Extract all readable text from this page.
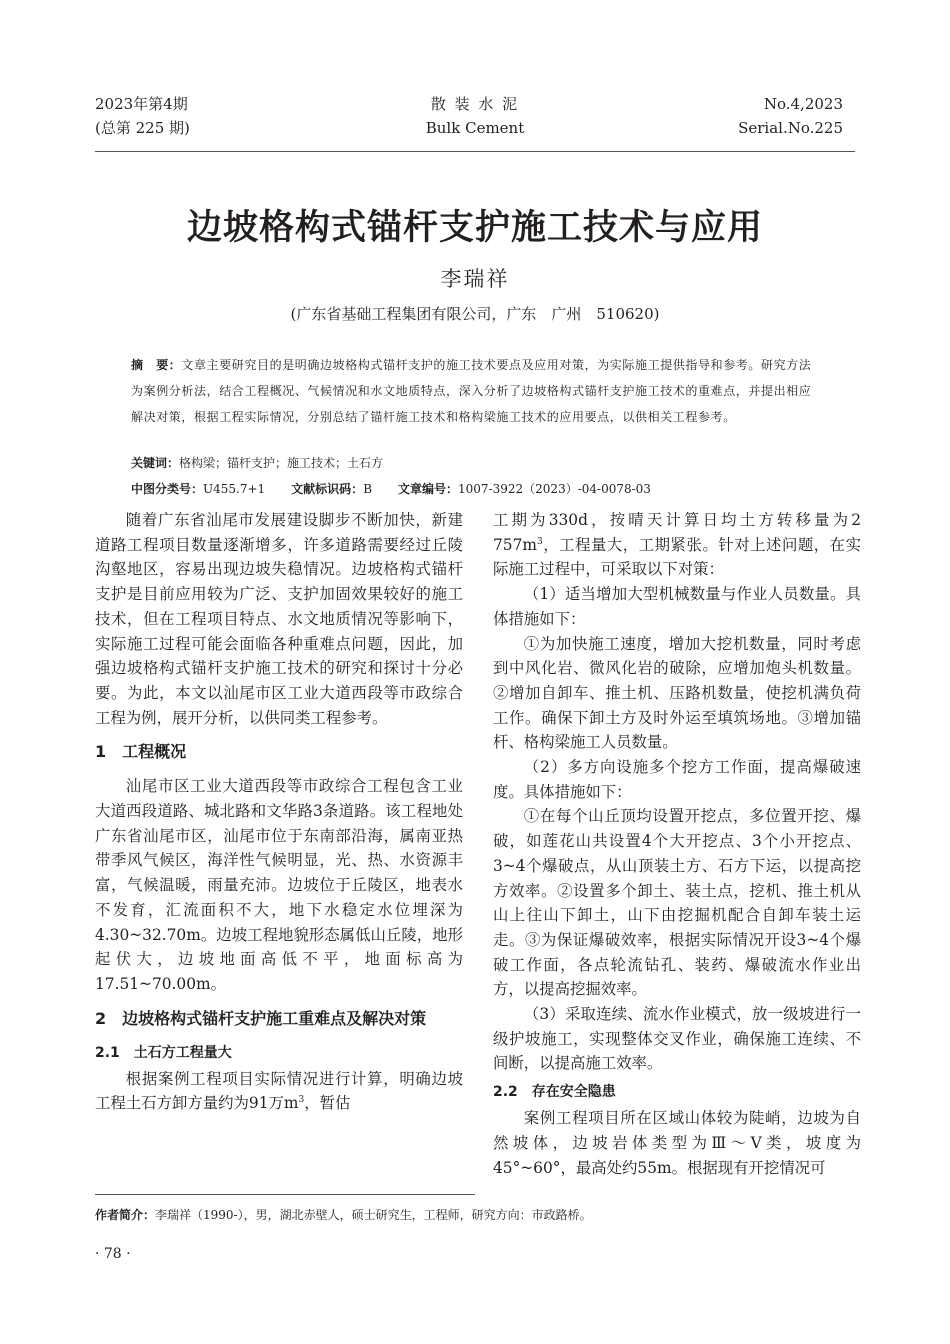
2023年第4期
(总第 225 期)
散 装 水 泥
Bulk Cement
No.4,2023
Serial.No.225
边坡格构式锚杆支护施工技术与应用
李瑞祥
(广东省基础工程集团有限公司，广东　广州　510620)
摘　要：文章主要研究目的是明确边坡格构式锚杆支护的施工技术要点及应用对策，为实际施工提供指导和参考。研究方法为案例分析法，结合工程概况、气候情况和水文地质特点，深入分析了边坡格构式锚杆支护施工技术的重难点，并提出相应解决对策，根据工程实际情况，分别总结了锚杆施工技术和格构梁施工技术的应用要点，以供相关工程参考。
关键词：格构梁；锚杆支护；施工技术；土石方
中图分类号：U455.7+1 文献标识码：B 文章编号：1007-3922（2023）-04-0078-03

随着广东省汕尾市发展建设脚步不断加快，新建道路工程项目数量逐渐增多，许多道路需要经过丘陵沟壑地区，容易出现边坡失稳情况。边坡格构式锚杆支护是目前应用较为广泛、支护加固效果较好的施工技术，但在工程项目特点、水文地质情况等影响下，实际施工过程可能会面临各种重难点问题，因此，加强边坡格构式锚杆支护施工技术的研究和探讨十分必要。为此，本文以汕尾市区工业大道西段等市政综合工程为例，展开分析，以供同类工程参考。

1　工程概况

汕尾市区工业大道西段等市政综合工程包含工业大道西段道路、城北路和文华路3条道路。该工程地处广东省汕尾市区，汕尾市位于东南部沿海，属南亚热带季风气候区，海洋性气候明显，光、热、水资源丰富，气候温暖，雨量充沛。边坡位于丘陵区，地表水不发育，汇流面积不大，地下水稳定水位埋深为4.30~32.70m。边坡工程地貌形态属低山丘陵，地形起伏大，边坡地面高低不平，地面标高为17.51~70.00m。

2　边坡格构式锚杆支护施工重难点及解决对策
2.1　土石方工程量大

根据案例工程项目实际情况进行计算，明确边坡工程土石方卸方量约为91万$m^3$，暂估

工期为330d，按晴天计算日均土方转移量为2 $757m^3$，工程量大，工期紧张。针对上述问题，在实际施工过程中，可采取以下对策：

（1）适当增加大型机械数量与作业人员数量。具体措施如下：

①为加快施工速度，增加大挖机数量，同时考虑到中风化岩、微风化岩的破除，应增加炮头机数量。②增加自卸车、推土机、压路机数量，使挖机满负荷工作。确保下卸土方及时外运至填筑场地。③增加锚杆、格构梁施工人员数量。

（2）多方向设施多个挖方工作面，提高爆破速度。具体措施如下：

①在每个山丘顶均设置开挖点，多位置开挖、爆破，如莲花山共设置4个大开挖点、3个小开挖点、3~4个爆破点，从山顶装土方、石方下运，以提高挖方效率。②设置多个卸土、装土点，挖机、推土机从山上往山下卸土，山下由挖掘机配合自卸车装土运走。③为保证爆破效率，根据实际情况开设3~4个爆破工作面，各点轮流钻孔、装药、爆破流水作业出方，以提高挖掘效率。

（3）采取连续、流水作业模式，放一级坡进行一级护坡施工，实现整体交叉作业，确保施工连续、不间断，以提高施工效率。

2.2　存在安全隐患

案例工程项目所在区域山体较为陡峭，边坡为自然坡体，边坡岩体类型为Ⅲ～Ⅴ类，坡度为45°~60°，最高处约55m。根据现有开挖情况可

作者简介：李瑞祥（1990-），男，湖北赤壁人，硕士研究生，工程师，研究方向：市政路桥。
· 78 ·
